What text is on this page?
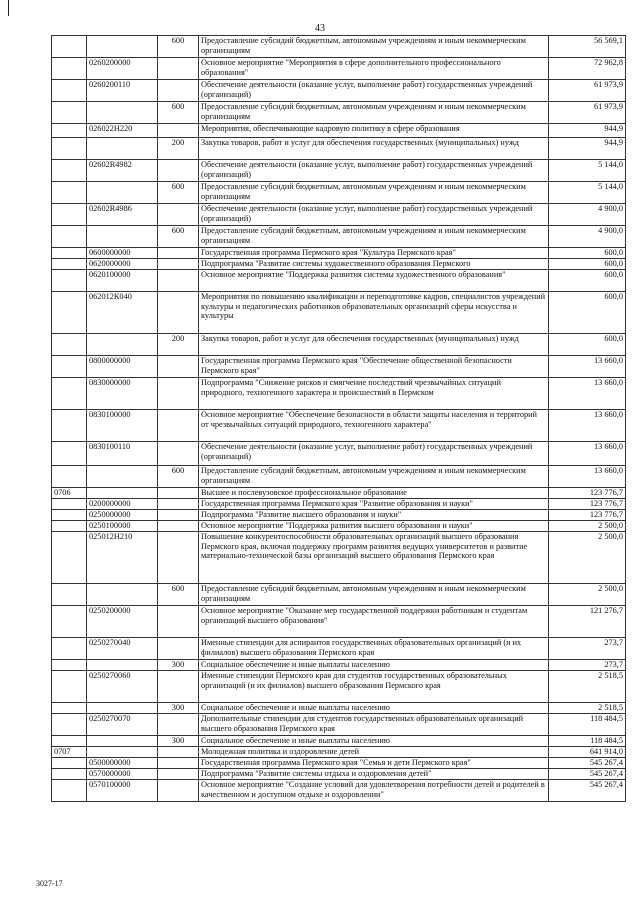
43
		600	Предоставление субсидий бюджетным, автономным учреждениям и иным некоммерческим организациям	56 569,1
	0260200000		Основное мероприятие "Мероприятия в сфере дополнительного профессионального образования"	72 962,8
	0260200110		Обеспечение деятельности (оказание услуг, выполнение работ) государственных учреждений (организаций)	61 973,9
		600	Предоставление субсидий бюджетным, автономным учреждениям и иным некоммерческим организациям	61 973,9
	026022Н220		Мероприятия, обеспечивающие кадровую политику в сфере образования	944,9
		200	Закупка товаров, работ и услуг для обеспечения государственных (муниципальных) нужд	944,9
	02602R4982		Обеспечение деятельности (оказание услуг, выполнение работ) государственных учреждений (организаций)	5 144,0
		600	Предоставление субсидий бюджетным, автономным учреждениям и иным некоммерческим организациям	5 144,0
	02602R4986		Обеспечение деятельности (оказание услуг, выполнение работ) государственных учреждений (организаций)	4 900,0
		600	Предоставление субсидий бюджетным, автономным учреждениям и иным некоммерческим организациям	4 900,0
	0600000000		Государственная программа Пермского края "Культура Пермского края"	600,0
	0620000000		Подпрограмма "Развитие системы художественного образования Пермского	600,0
	0620100000		Основное мероприятие "Поддержка развития системы художественного образования"	600,0
	062012К040		Мероприятия по повышению квалификации и переподготовке кадров, специалистов учреждений культуры и педагогических работников образовательных организаций сферы искусства и культуры	600,0
		200	Закупка товаров, работ и услуг для обеспечения государственных (муниципальных) нужд	600,0
	0800000000		Государственная программа Пермского края "Обеспечение общественной безопасности Пермского края"	13 660,0
	0830000000		Подпрограмма "Снижение рисков и смягчение последствий чрезвычайных ситуаций природного, техногенного характера и происшествий в Пермском	13 660,0
	0830100000		Основное мероприятие "Обеспечение безопасности в области защиты населения и территорий от чрезвычайных ситуаций природного, техногенного характера"	13 660,0
	0830100110		Обеспечение деятельности (оказание услуг, выполнение работ) государственных учреждений (организаций)	13 660,0
		600	Предоставление субсидий бюджетным, автономным учреждениям и иным некоммерческим организациям	13 660,0
0706			Высшее и послевузовское профессиональное образование	123 776,7
	0200000000		Государственная программа Пермского края "Развитие образования и науки"	123 776,7
	0250000000		Подпрограмма "Развитие высшего образования и науки"	123 776,7
	0250100000		Основное мероприятие "Поддержка развития высшего образования и науки"	2 500,0
	025012Н210		Повышение конкурентоспособности образовательных организаций высшего образования Пермского края, включая поддержку программ развития ведущих университетов и развитие материально-технической базы организаций высшего образования Пермского края	2 500,0
		600	Предоставление субсидий бюджетным, автономным учреждениям и иным некоммерческим организациям	2 500,0
	0250200000		Основное мероприятие "Оказание мер государственной поддержки работникам и студентам организаций высшего образования"	121 276,7
	0250270040		Именные стипендии для аспирантов государственных образовательных организаций (и их филиалов) высшего образования Пермского края	273,7
		300	Социальное обеспечение и иные выплаты населению	273,7
	0250270060		Именные стипендии Пермского края для студентов государственных образовательных организаций (и их филиалов) высшего образования Пермского края	2 518,5
		300	Социальное обеспечение и иные выплаты населению	2 518,5
	0250270070		Дополнительные стипендии для студентов государственных образовательных организаций высшего образования Пермского края	118 484,5
		300	Социальное обеспечение и иные выплаты населению	118 484,5
0707			Молодежная политика и оздоровление детей	641 914,0
	0500000000		Государственная программа Пермского края "Семья и дети Пермского края"	545 267,4
	0570000000		Подпрограмма "Развитие системы отдыха и оздоровления детей"	545 267,4
	0570100000		Основное мероприятие "Создание условий для удовлетворения потребности детей и родителей в качественном и доступном отдыхе и оздоровлении"	545 267,4
3027-17
